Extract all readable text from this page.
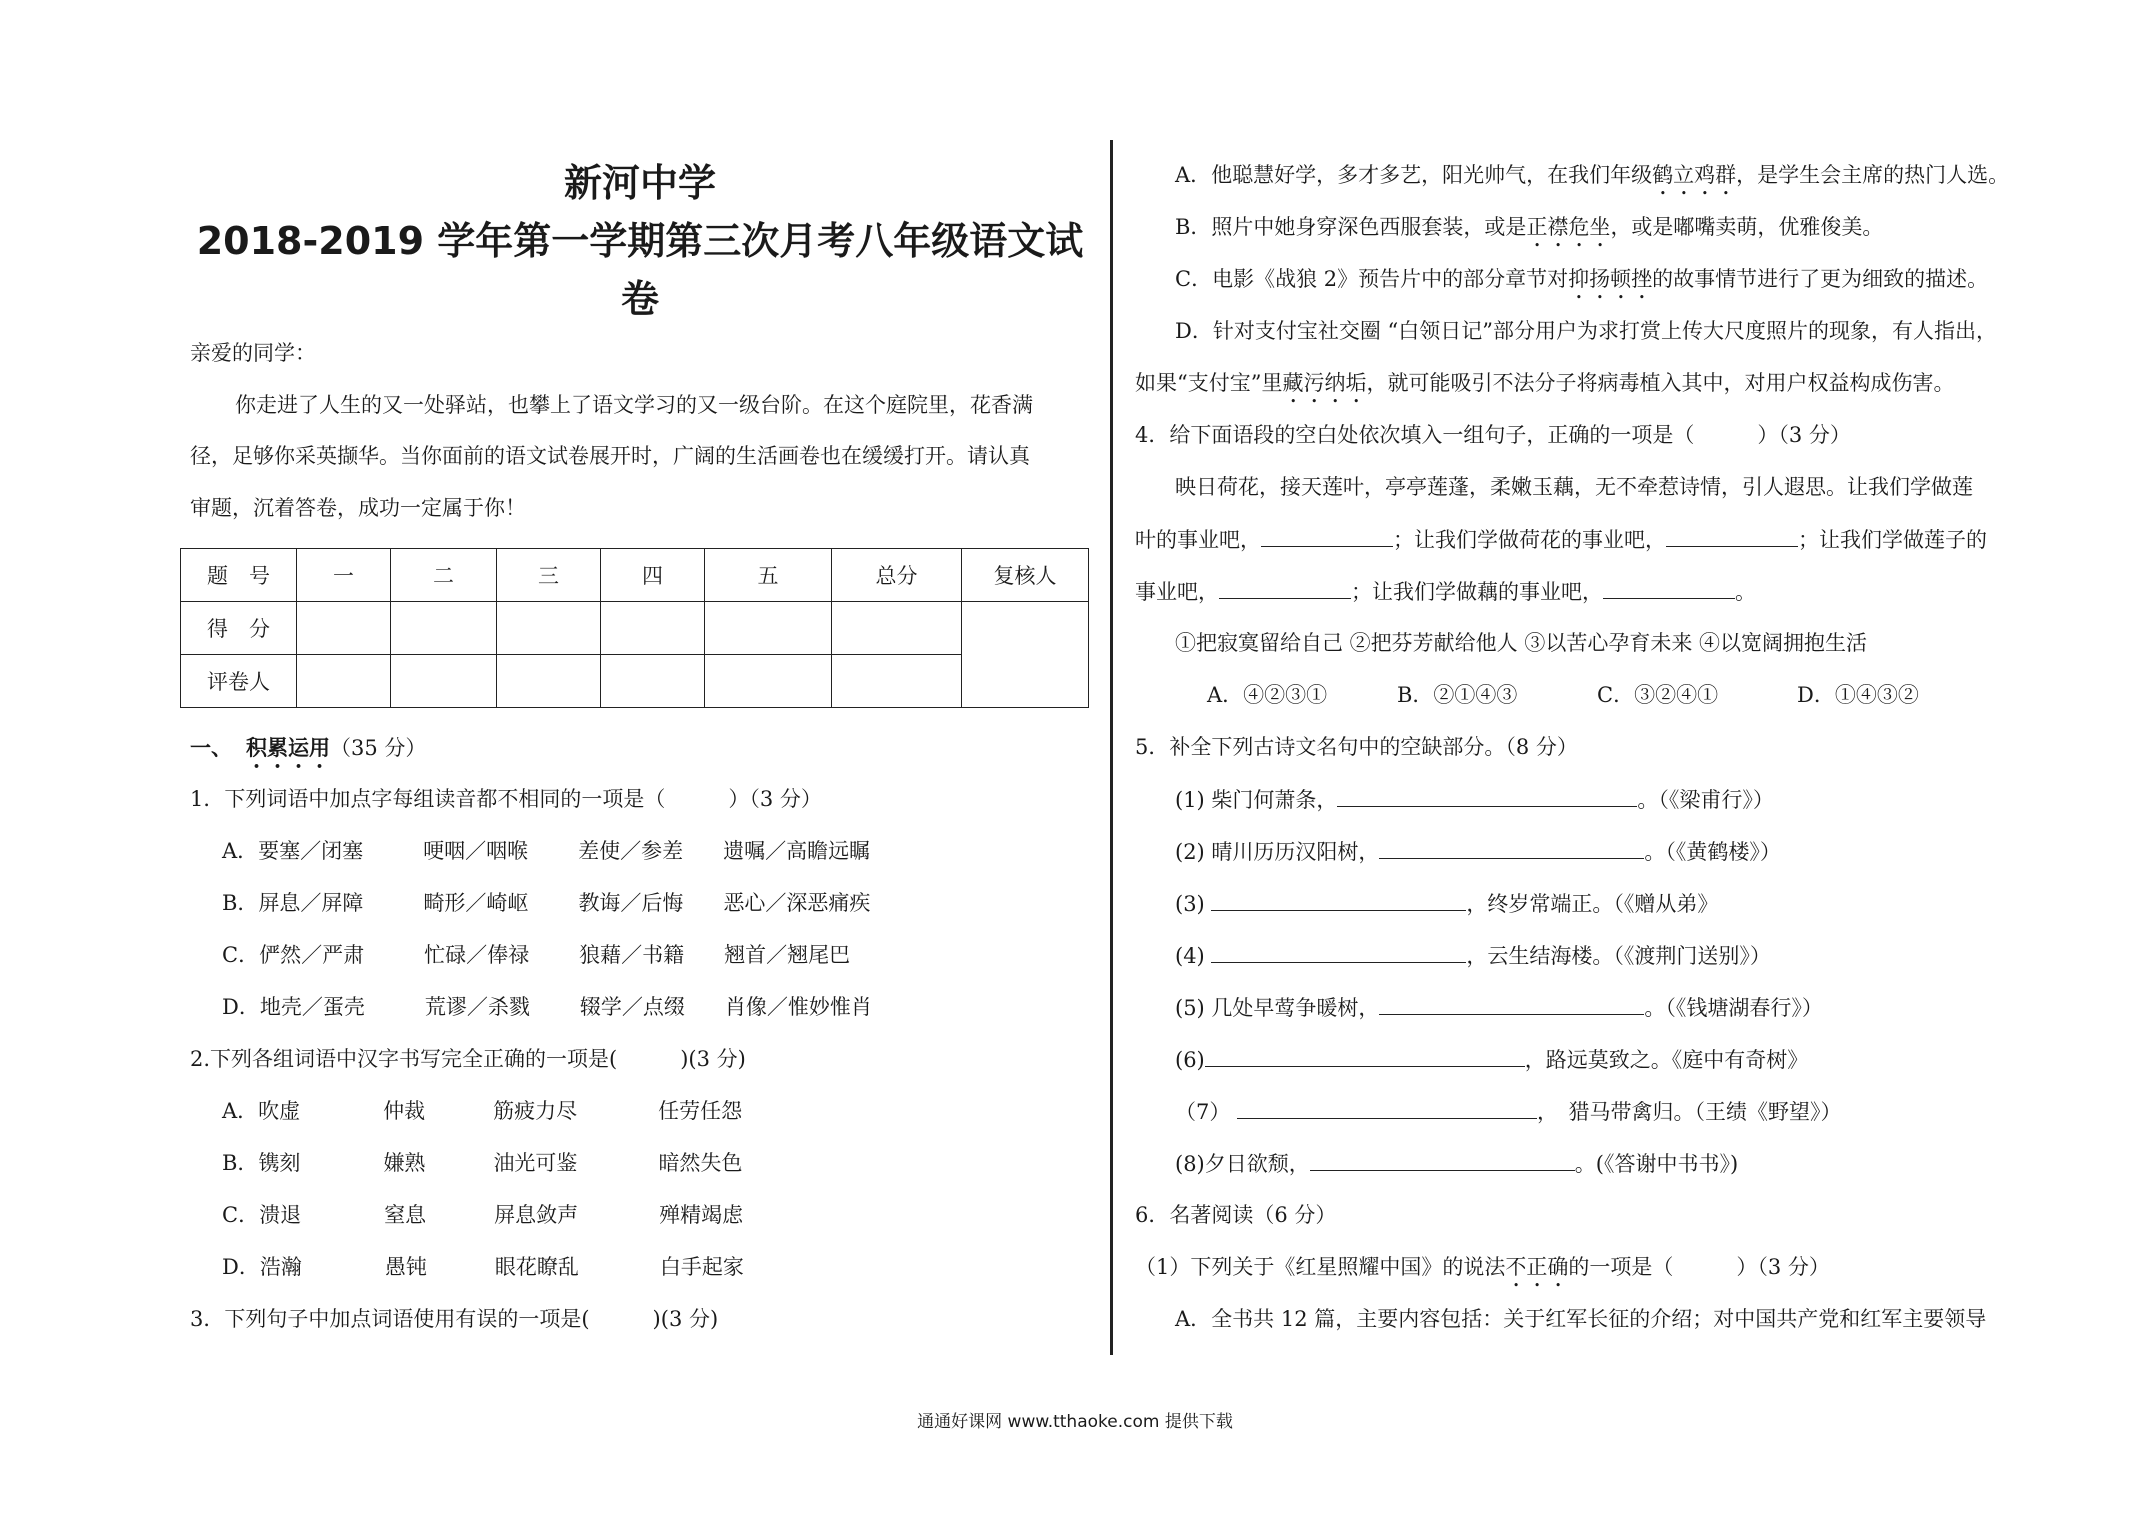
新河中学
2018-2019 学年第一学期第三次月考八年级语文试
卷
亲爱的同学：
你走进了人生的又一处驿站，也攀上了语文学习的又一级台阶。在这个庭院里，花香满
径，足够你采英撷华。当你面前的语文试卷展开时，广阔的生活画卷也在缓缓打开。请认真
审题，沉着答卷，成功一定属于你！
题　号	一	二	三	四	五	总分	复核人
得　分							
评卷人							
一、 积累运用（35 分）
1．下列词语中加点字每组读音都不相同的一项是（　　　）（3 分）
A．要塞／闭塞	哽咽／咽喉 差使／参差 遗嘱／高瞻远瞩
B．屏息／屏障	畸形／崎岖 教诲／后悔 恶心／深恶痛疾
C．俨然／严肃	忙碌／俸禄 狼藉／书籍 翘首／翘尾巴
D．地壳／蛋壳	荒谬／杀戮 辍学／点缀 肖像／惟妙惟肖
2.下列各组词语中汉字书写完全正确的一项是(　　　)(3 分)
A．吹虚	仲裁	筋疲力尽	任劳任怨
B．镌刻	嫌熟	油光可鉴	暗然失色
C．溃退	窒息	屏息敛声	殚精竭虑
D．浩瀚	愚钝	眼花瞭乱	白手起家
3．下列句子中加点词语使用有误的一项是(　　　)(3 分)
A．他聪慧好学，多才多艺，阳光帅气，在我们年级鹤立鸡群，是学生会主席的热门人选。
B．照片中她身穿深色西服套装，或是正襟危坐，或是嘟嘴卖萌，优雅俊美。
C．电影《战狼 2》预告片中的部分章节对抑扬顿挫的故事情节进行了更为细致的描述。
D．针对支付宝社交圈 “白领日记”部分用户为求打赏上传大尺度照片的现象，有人指出，
如果“支付宝”里藏污纳垢，就可能吸引不法分子将病毒植入其中，对用户权益构成伤害。
4．给下面语段的空白处依次填入一组句子，正确的一项是（　　　）（3 分）
映日荷花，接天莲叶，亭亭莲蓬，柔嫩玉藕，无不牵惹诗情，引人遐思。让我们学做莲
叶的事业吧，	；让我们学做荷花的事业吧，	；让我们学做莲子的
事业吧，	；让我们学做藕的事业吧，	。
①把寂寞留给自己 ②把芬芳献给他人 ③以苦心孕育未来 ④以宽阔拥抱生活
A．④②③①	B．②①④③	C．③②④①	D．①④③②
5．补全下列古诗文名句中的空缺部分。（8 分）
(1) 柴门何萧条，	。（《梁甫行》）
(2) 晴川历历汉阳树，	。（《黄鹤楼》）
(3)	，终岁常端正。（《赠从弟》
(4)	，云生结海楼。（《渡荆门送别》）
(5) 几处早莺争暖树，	。（《钱塘湖春行》）
(6)	，路远莫致之。《庭中有奇树》
（7）	，　猎马带禽归。（王绩《野望》）
(8)夕日欲颓，	。(《答谢中书书》)
6．名著阅读（6 分）
（1）下列关于《红星照耀中国》的说法不正确的一项是（　　　）（3 分）
A．全书共 12 篇，主要内容包括：关于红军长征的介绍；对中国共产党和红军主要领导
通通好课网 www.tthaoke.com 提供下载
